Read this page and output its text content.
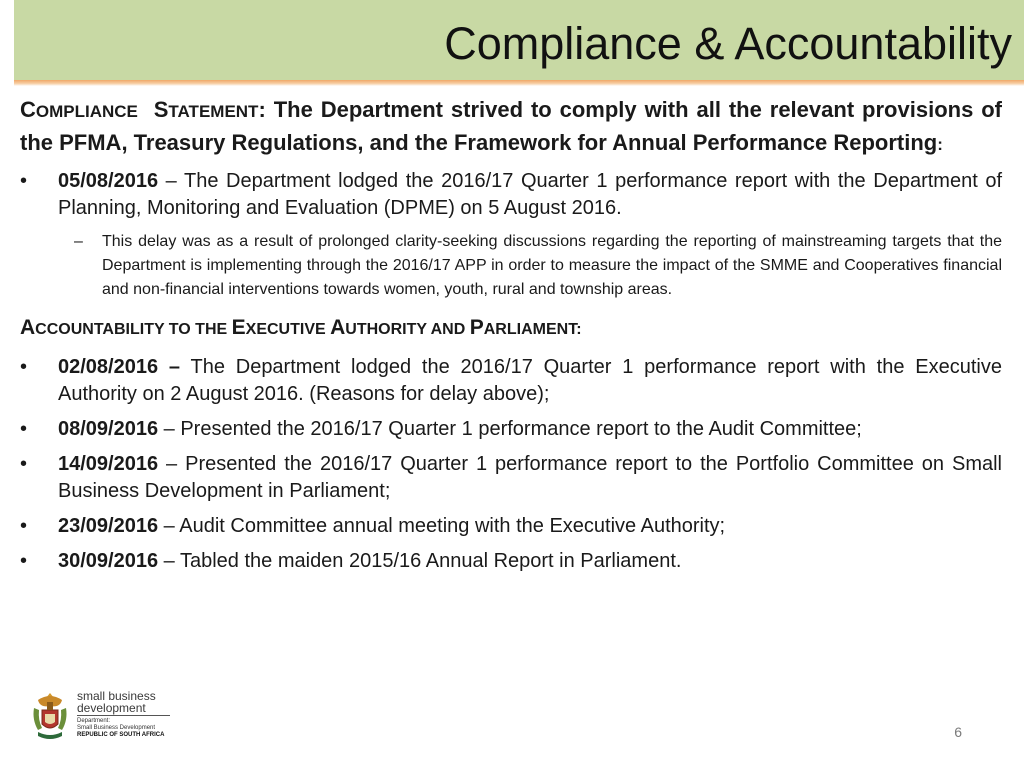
Compliance & Accountability
COMPLIANCE STATEMENT: The Department strived to comply with all the relevant provisions of the PFMA, Treasury Regulations, and the Framework for Annual Performance Reporting:
• 05/08/2016 – The Department lodged the 2016/17 Quarter 1 performance report with the Department of Planning, Monitoring and Evaluation (DPME) on 5 August 2016.
– This delay was as a result of prolonged clarity-seeking discussions regarding the reporting of mainstreaming targets that the Department is implementing through the 2016/17 APP in order to measure the impact of the SMME and Cooperatives financial and non-financial interventions towards women, youth, rural and township areas.
ACCOUNTABILITY TO THE EXECUTIVE AUTHORITY AND PARLIAMENT:
• 02/08/2016 – The Department lodged the 2016/17 Quarter 1 performance report with the Executive Authority on 2 August 2016. (Reasons for delay above);
• 08/09/2016 – Presented the 2016/17 Quarter 1 performance report to the Audit Committee;
• 14/09/2016 – Presented the 2016/17 Quarter 1 performance report to the Portfolio Committee on Small Business Development in Parliament;
• 23/09/2016 – Audit Committee annual meeting with the Executive Authority;
• 30/09/2016 – Tabled the maiden 2015/16 Annual Report in Parliament.
small business
development
Department:
Small Business Development
REPUBLIC OF SOUTH AFRICA	6
